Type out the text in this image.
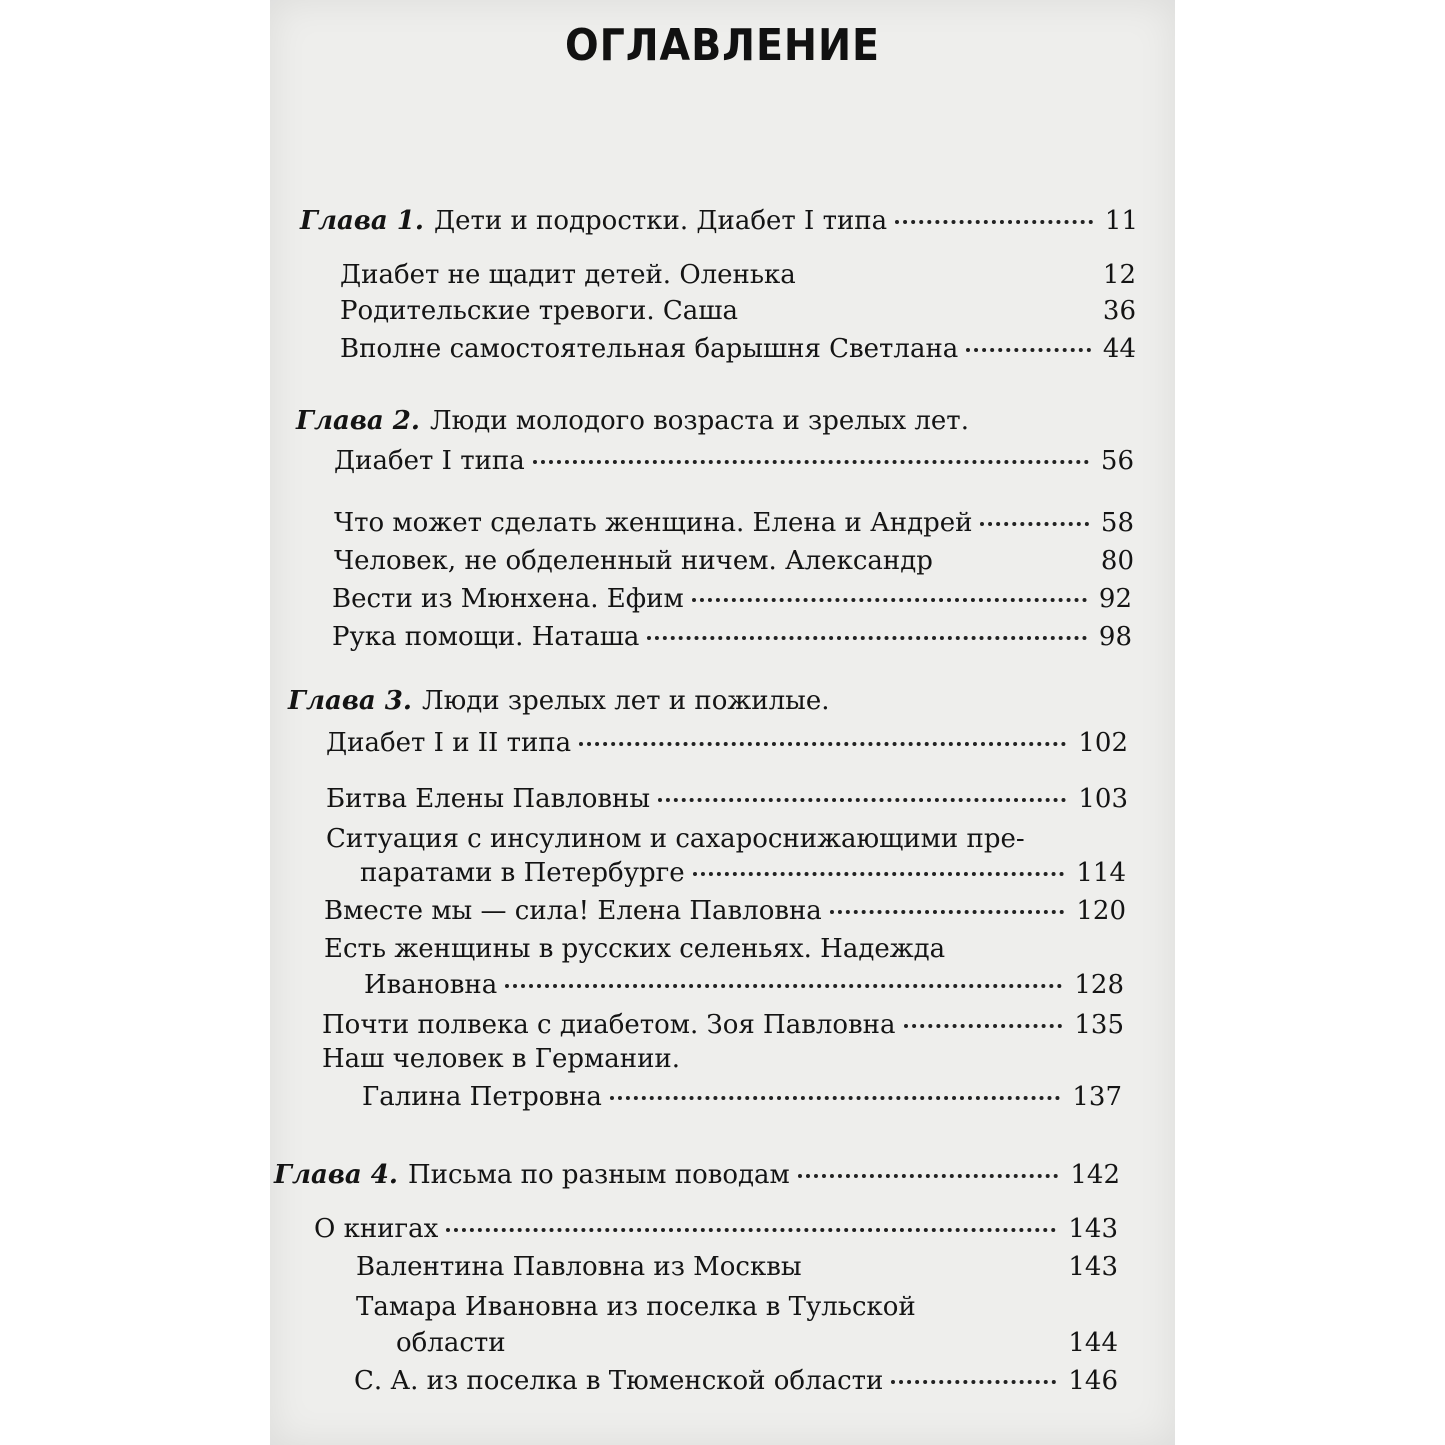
ОГЛАВЛЕНИЕ
Глава 1. Дети и подростки. Диабет I типа	11
Диабет не щадит детей. Оленька	12
Родительские тревоги. Саша	36
Вполне самостоятельная барышня Светлана	44
Глава 2. Люди молодого возраста и зрелых лет.
Диабет I типа	56
Что может сделать женщина. Елена и Андрей	58
Человек, не обделенный ничем. Александр	80
Вести из Мюнхена. Ефим	92
Рука помощи. Наташа	98
Глава 3. Люди зрелых лет и пожилые.
Диабет I и II типа	102
Битва Елены Павловны	103
Ситуация с инсулином и сахароснижающими пре-
паратами в Петербурге	114
Вместе мы — сила! Елена Павловна	120
Есть женщины в русских селеньях. Надежда
Ивановна	128
Почти полвека с диабетом. Зоя Павловна	135
Наш человек в Германии.
Галина Петровна	137
Глава 4. Письма по разным поводам	142
О книгах	143
Валентина Павловна из Москвы	143
Тамара Ивановна из поселка в Тульской
области	144
С. А. из поселка в Тюменской области	146
